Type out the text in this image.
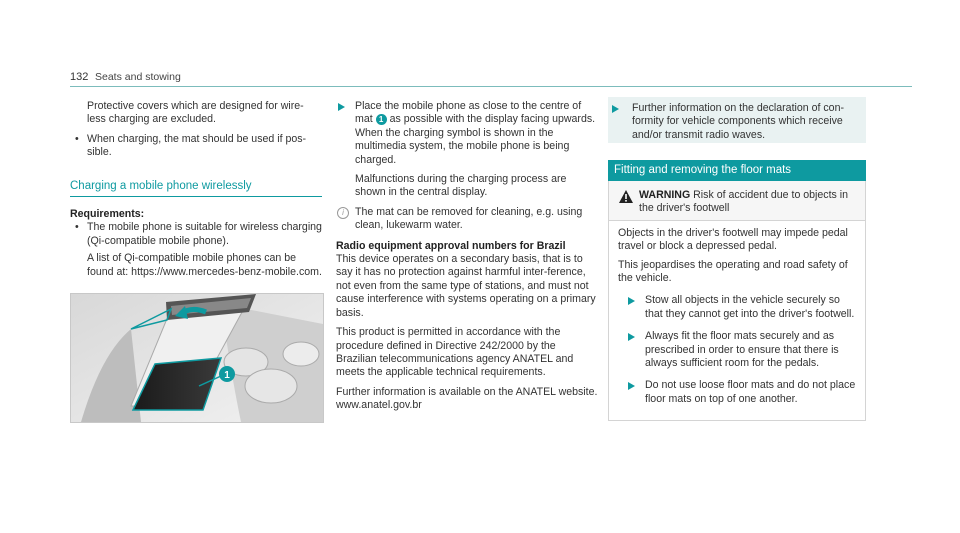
132 Seats and stowing

Protective covers which are designed for wire-less charging are excluded.

• When charging, the mat should be used if pos-sible.

Charging a mobile phone wirelessly

Requirements:

• The mobile phone is suitable for wireless charging (Qi-compatible mobile phone).

A list of Qi-compatible mobile phones can be found at: https://www.mercedes-benz-mobile.com.

1

Place the mobile phone as close to the centre of mat 1 as possible with the display facing upwards.

When the charging symbol is shown in the multimedia system, the mobile phone is being charged.

Malfunctions during the charging process are shown in the central display.

i	The mat can be removed for cleaning, e.g. using clean, lukewarm water.

Radio equipment approval numbers for Brazil

This device operates on a secondary basis, that is to say it has no protection against harmful inter-ference, not even from the same type of stations, and must not cause interference with systems operating on a primary basis.

This product is permitted in accordance with the procedure defined in Directive 242/2000 by the Brazilian telecommunications agency ANATEL and meets the applicable technical requirements.

Further information is available on the ANATEL website. www.anatel.gov.br

Further information on the declaration of con-formity for vehicle components which receive and/or transmit radio waves.
Fitting and removing the floor mats
WARNING Risk of accident due to objects in the driver's footwell

Objects in the driver's footwell may impede pedal travel or block a depressed pedal.

This jeopardises the operating and road safety of the vehicle.

Stow all objects in the vehicle securely so that they cannot get into the driver's footwell.
Always fit the floor mats securely and as prescribed in order to ensure that there is always sufficient room for the pedals.
Do not use loose floor mats and do not place floor mats on top of one another.
